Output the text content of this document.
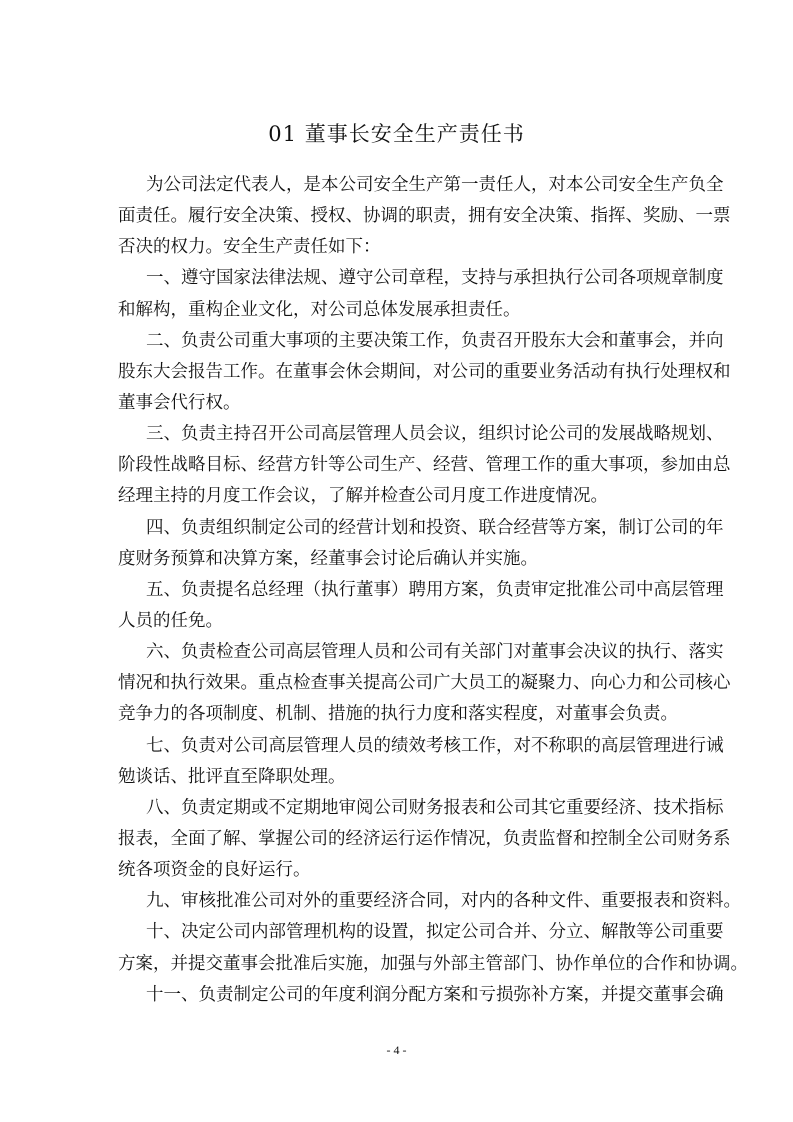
01 董事长安全生产责任书
为公司法定代表人，是本公司安全生产第一责任人，对本公司安全生产负全
面责任。履行安全决策、授权、协调的职责，拥有安全决策、指挥、奖励、一票
否决的权力。安全生产责任如下：
一、遵守国家法律法规、遵守公司章程，支持与承担执行公司各项规章制度
和解构，重构企业文化，对公司总体发展承担责任。
二、负责公司重大事项的主要决策工作，负责召开股东大会和董事会，并向
股东大会报告工作。在董事会休会期间，对公司的重要业务活动有执行处理权和
董事会代行权。
三、负责主持召开公司高层管理人员会议，组织讨论公司的发展战略规划、
阶段性战略目标、经营方针等公司生产、经营、管理工作的重大事项，参加由总
经理主持的月度工作会议，了解并检查公司月度工作进度情况。
四、负责组织制定公司的经营计划和投资、联合经营等方案，制订公司的年
度财务预算和决算方案，经董事会讨论后确认并实施。
五、负责提名总经理（执行董事）聘用方案，负责审定批准公司中高层管理
人员的任免。
六、负责检查公司高层管理人员和公司有关部门对董事会决议的执行、落实
情况和执行效果。重点检查事关提高公司广大员工的凝聚力、向心力和公司核心
竞争力的各项制度、机制、措施的执行力度和落实程度，对董事会负责。
七、负责对公司高层管理人员的绩效考核工作，对不称职的高层管理进行诫
勉谈话、批评直至降职处理。
八、负责定期或不定期地审阅公司财务报表和公司其它重要经济、技术指标
报表，全面了解、掌握公司的经济运行运作情况，负责监督和控制全公司财务系
统各项资金的良好运行。
九、审核批准公司对外的重要经济合同，对内的各种文件、重要报表和资料。
十、决定公司内部管理机构的设置，拟定公司合并、分立、解散等公司重要
方案，并提交董事会批准后实施，加强与外部主管部门、协作单位的合作和协调。
十一、负责制定公司的年度利润分配方案和亏损弥补方案，并提交董事会确
- 4 -
